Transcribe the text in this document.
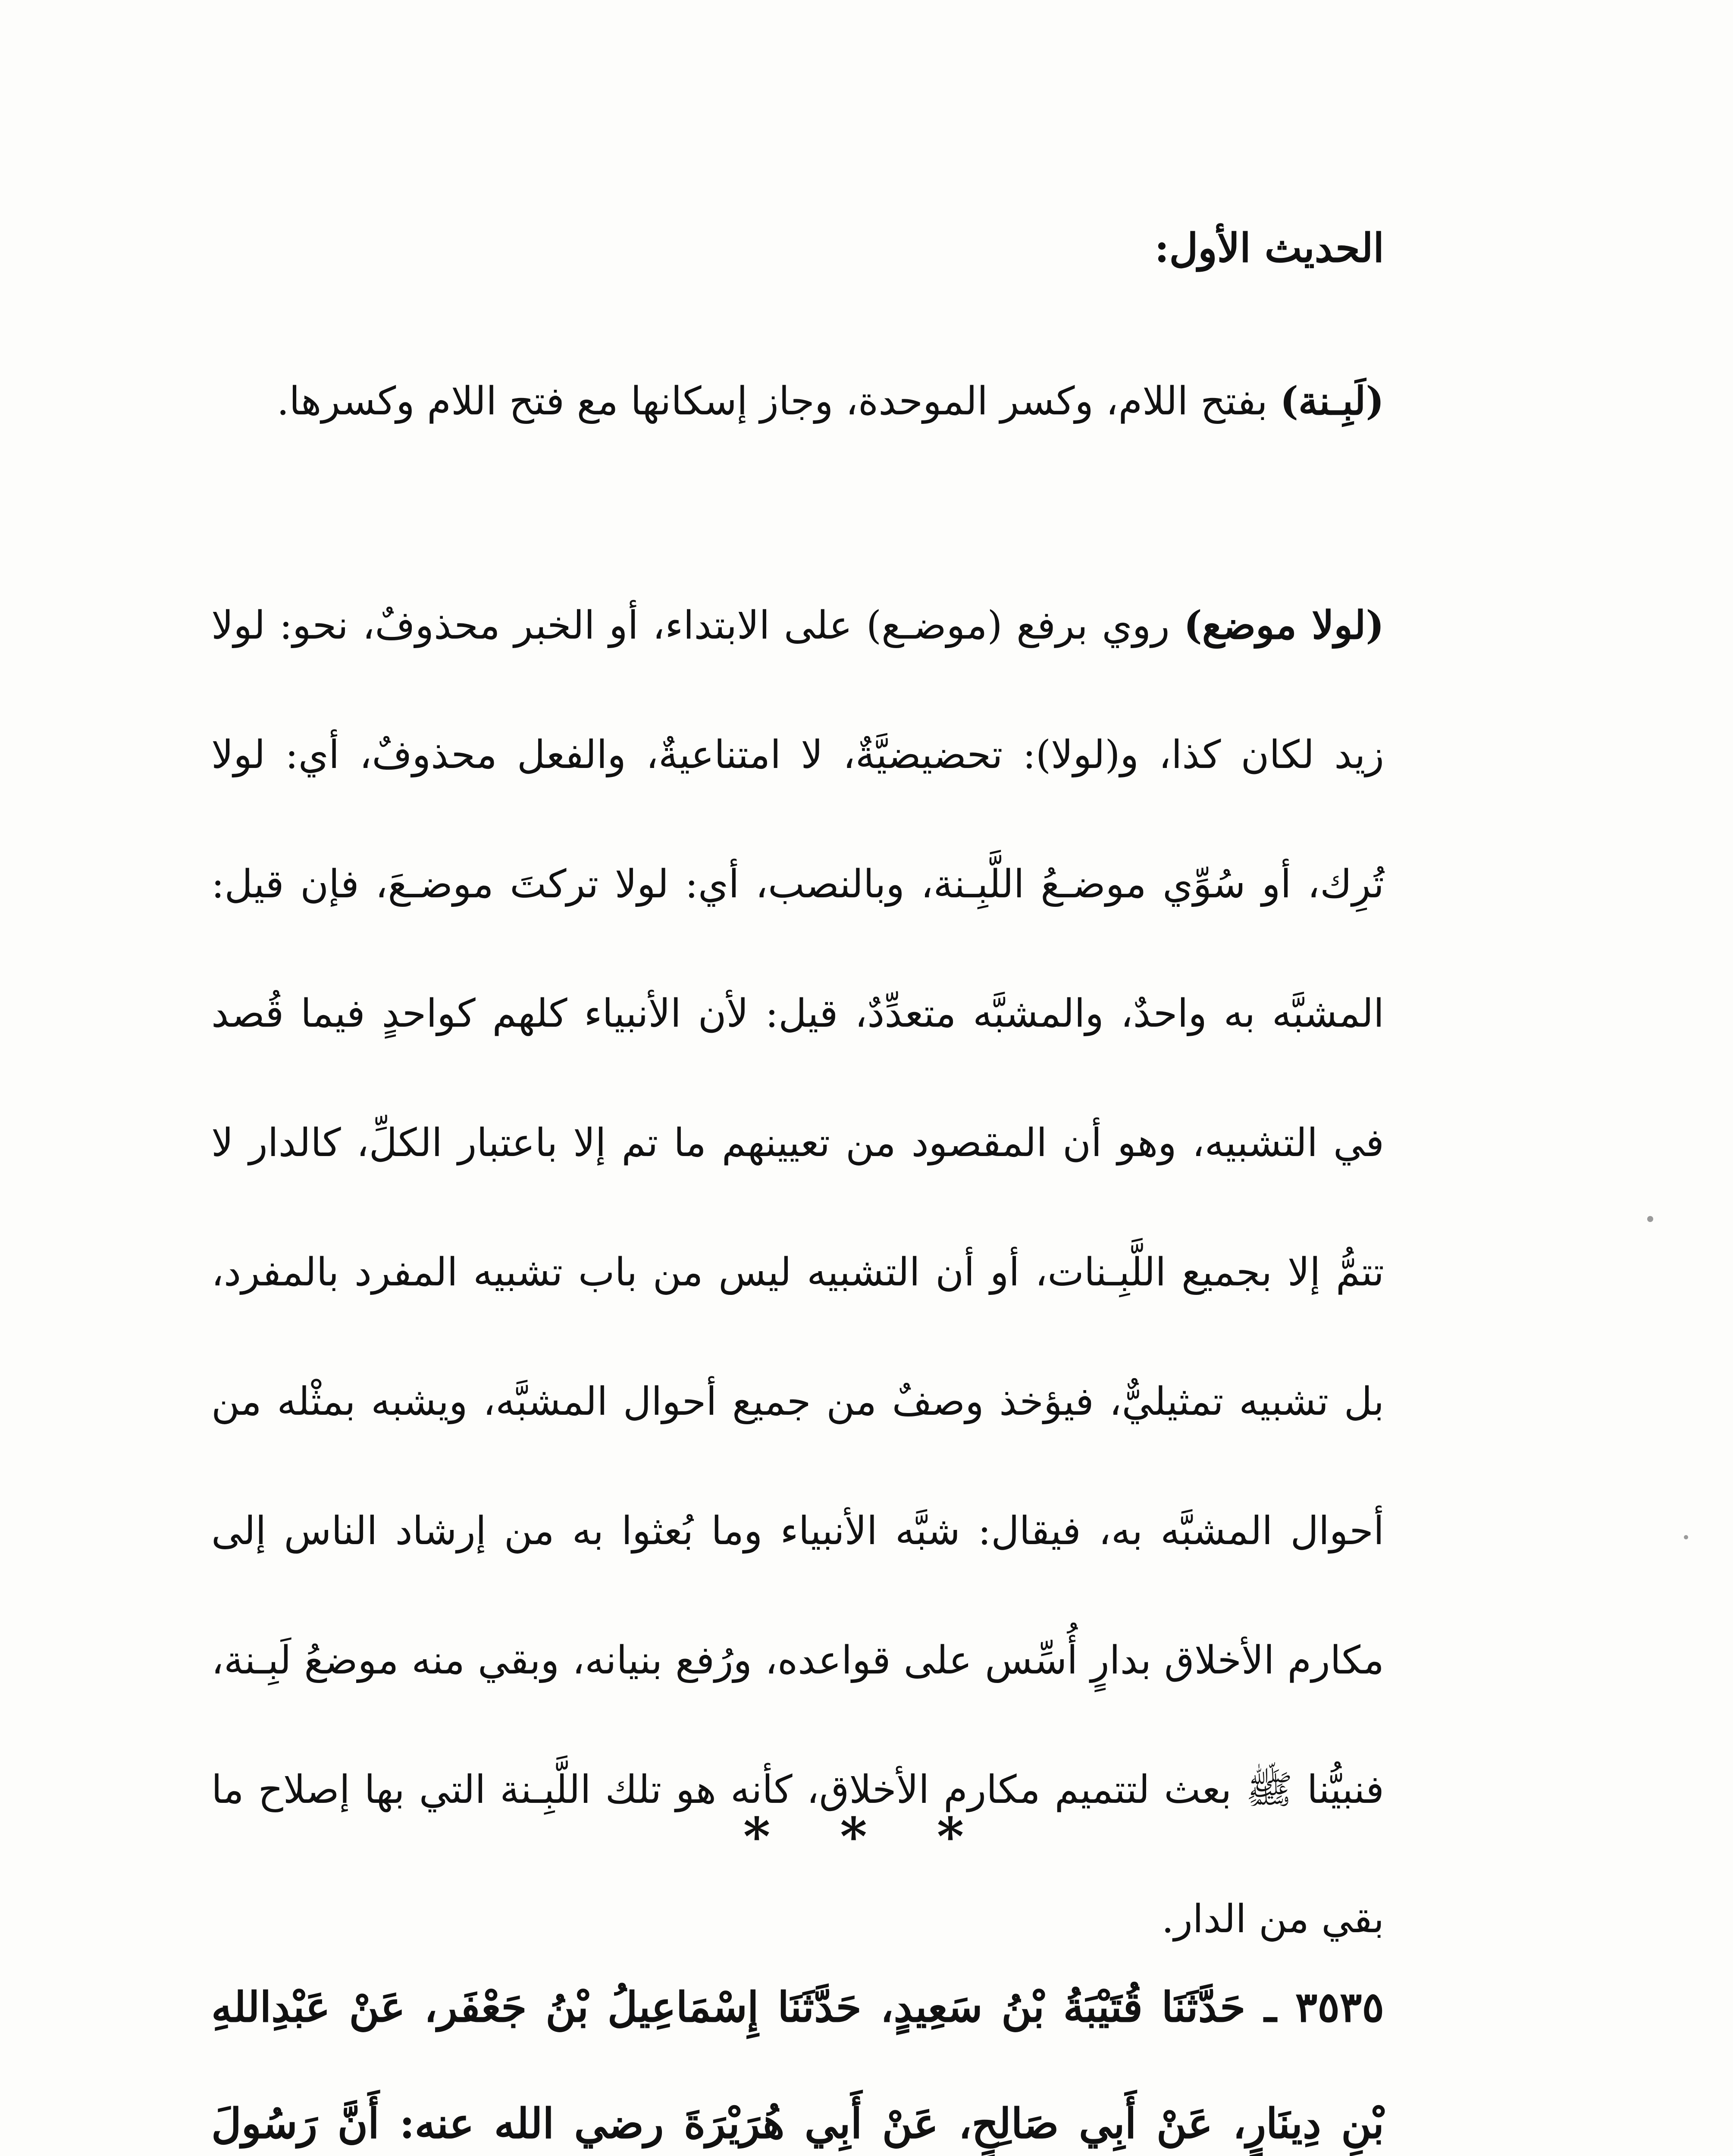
الحديث الأول:

(لَبِـنة) بفتح اللام، وكسر الموحدة، وجاز إسكانها مع فتح اللام وكسرها.

(لولا موضع) روي برفع (موضـع) على الابتداء، أو الخبر محذوفٌ، نحو: لولا زيد لكان كذا، و(لولا): تحضيضيَّةٌ، لا امتناعيةٌ، والفعل محذوفٌ، أي: لولا تُرِك، أو سُوِّي موضـعُ اللَّبِـنة، وبالنصب، أي: لولا تركتَ موضـعَ، فإن قيل: المشبَّه به واحدٌ، والمشبَّه متعدِّدٌ، قيل: لأن الأنبياء كلهم كواحدٍ فيما قُصد في التشبيه، وهو أن المقصود من تعيينهم ما تم إلا باعتبار الكلِّ، كالدار لا تتمُّ إلا بجميع اللَّبِـنات، أو أن التشبيه ليس من باب تشبيه المفرد بالمفرد، بل تشبيه تمثيليٌّ، فيؤخذ وصفٌ من جميع أحوال المشبَّه، ويشبه بمثْله من أحوال المشبَّه به، فيقال: شبَّه الأنبياء وما بُعثوا به من إرشاد الناس إلى مكارم الأخلاق بدارٍ أُسِّس على قواعده، ورُفع بنيانه، وبقي منه موضعُ لَبِـنة، فنبيُّنا ﷺ بعث لتتميم مكارم الأخلاق، كأنه هو تلك اللَّبِـنة التي بها إصلاح ما بقي من الدار.

* * *
٣٥٣٥ ـ حَدَّثَنَا قُتَيْبَةُ بْنُ سَعِيدٍ، حَدَّثَنَا إِسْمَاعِيلُ بْنُ جَعْفَر، عَنْ عَبْدِاللهِ بْنِ دِينَارٍ، عَنْ أَبِي صَالِحٍ، عَنْ أَبِي هُرَيْرَةَ رضي الله عنه: أَنَّ رَسُولَ
